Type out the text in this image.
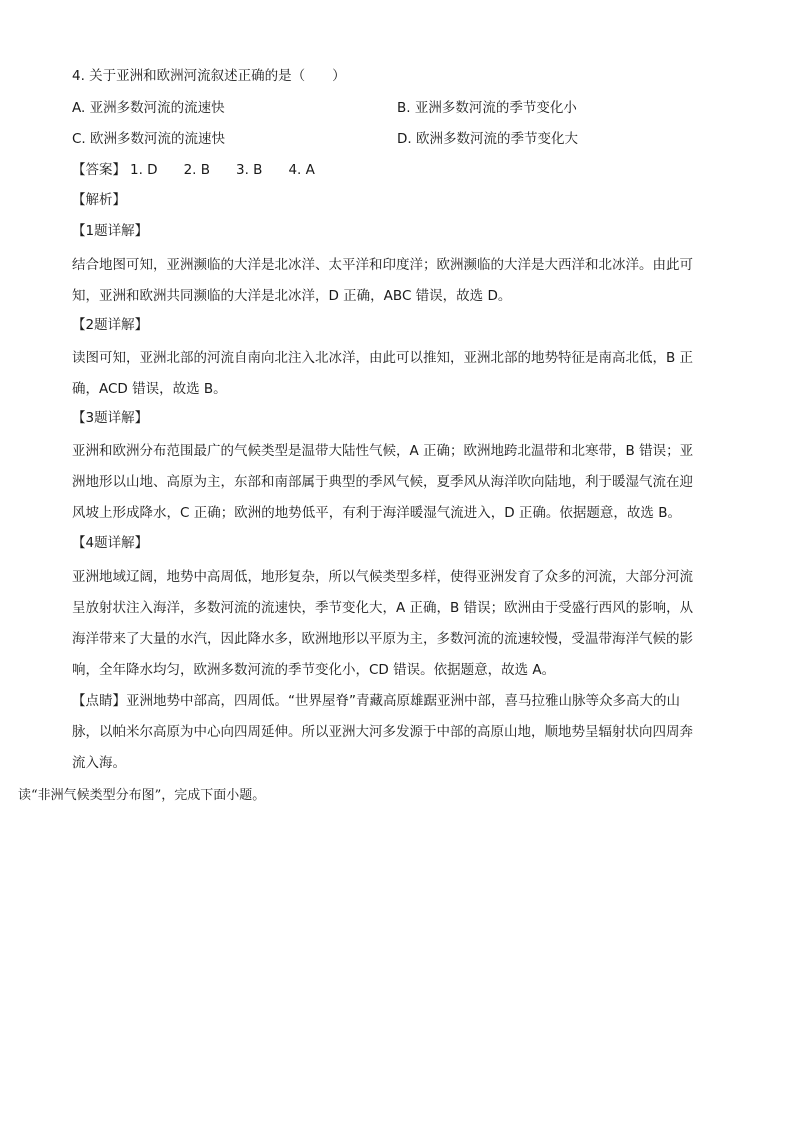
4. 关于亚洲和欧洲河流叙述正确的是（　　）
A. 亚洲多数河流的流速快	B. 亚洲多数河流的季节变化小
C. 欧洲多数河流的流速快	D. 欧洲多数河流的季节变化大
【答案】 1. D 2. B 3. B 4. A
【解析】
【1题详解】
结合地图可知，亚洲濒临的大洋是北冰洋、太平洋和印度洋；欧洲濒临的大洋是大西洋和北冰洋。由此可
知，亚洲和欧洲共同濒临的大洋是北冰洋，D 正确，ABC 错误，故选 D。
【2题详解】
读图可知，亚洲北部的河流自南向北注入北冰洋，由此可以推知，亚洲北部的地势特征是南高北低，B 正
确，ACD 错误，故选 B。
【3题详解】
亚洲和欧洲分布范围最广的气候类型是温带大陆性气候，A 正确；欧洲地跨北温带和北寒带，B 错误；亚
洲地形以山地、高原为主，东部和南部属于典型的季风气候，夏季风从海洋吹向陆地，利于暖湿气流在迎
风坡上形成降水，C 正确；欧洲的地势低平，有利于海洋暖湿气流进入，D 正确。依据题意，故选 B。
【4题详解】
亚洲地域辽阔，地势中高周低，地形复杂，所以气候类型多样，使得亚洲发育了众多的河流，大部分河流
呈放射状注入海洋，多数河流的流速快，季节变化大，A 正确，B 错误；欧洲由于受盛行西风的影响，从
海洋带来了大量的水汽，因此降水多，欧洲地形以平原为主，多数河流的流速较慢，受温带海洋气候的影
响，全年降水均匀，欧洲多数河流的季节变化小，CD 错误。依据题意，故选 A。
【点睛】亚洲地势中部高，四周低。“世界屋脊”青藏高原雄踞亚洲中部，喜马拉雅山脉等众多高大的山
脉，以帕米尔高原为中心向四周延伸。所以亚洲大河多发源于中部的高原山地，顺地势呈辐射状向四周奔
流入海。
读“非洲气候类型分布图”，完成下面小题。
